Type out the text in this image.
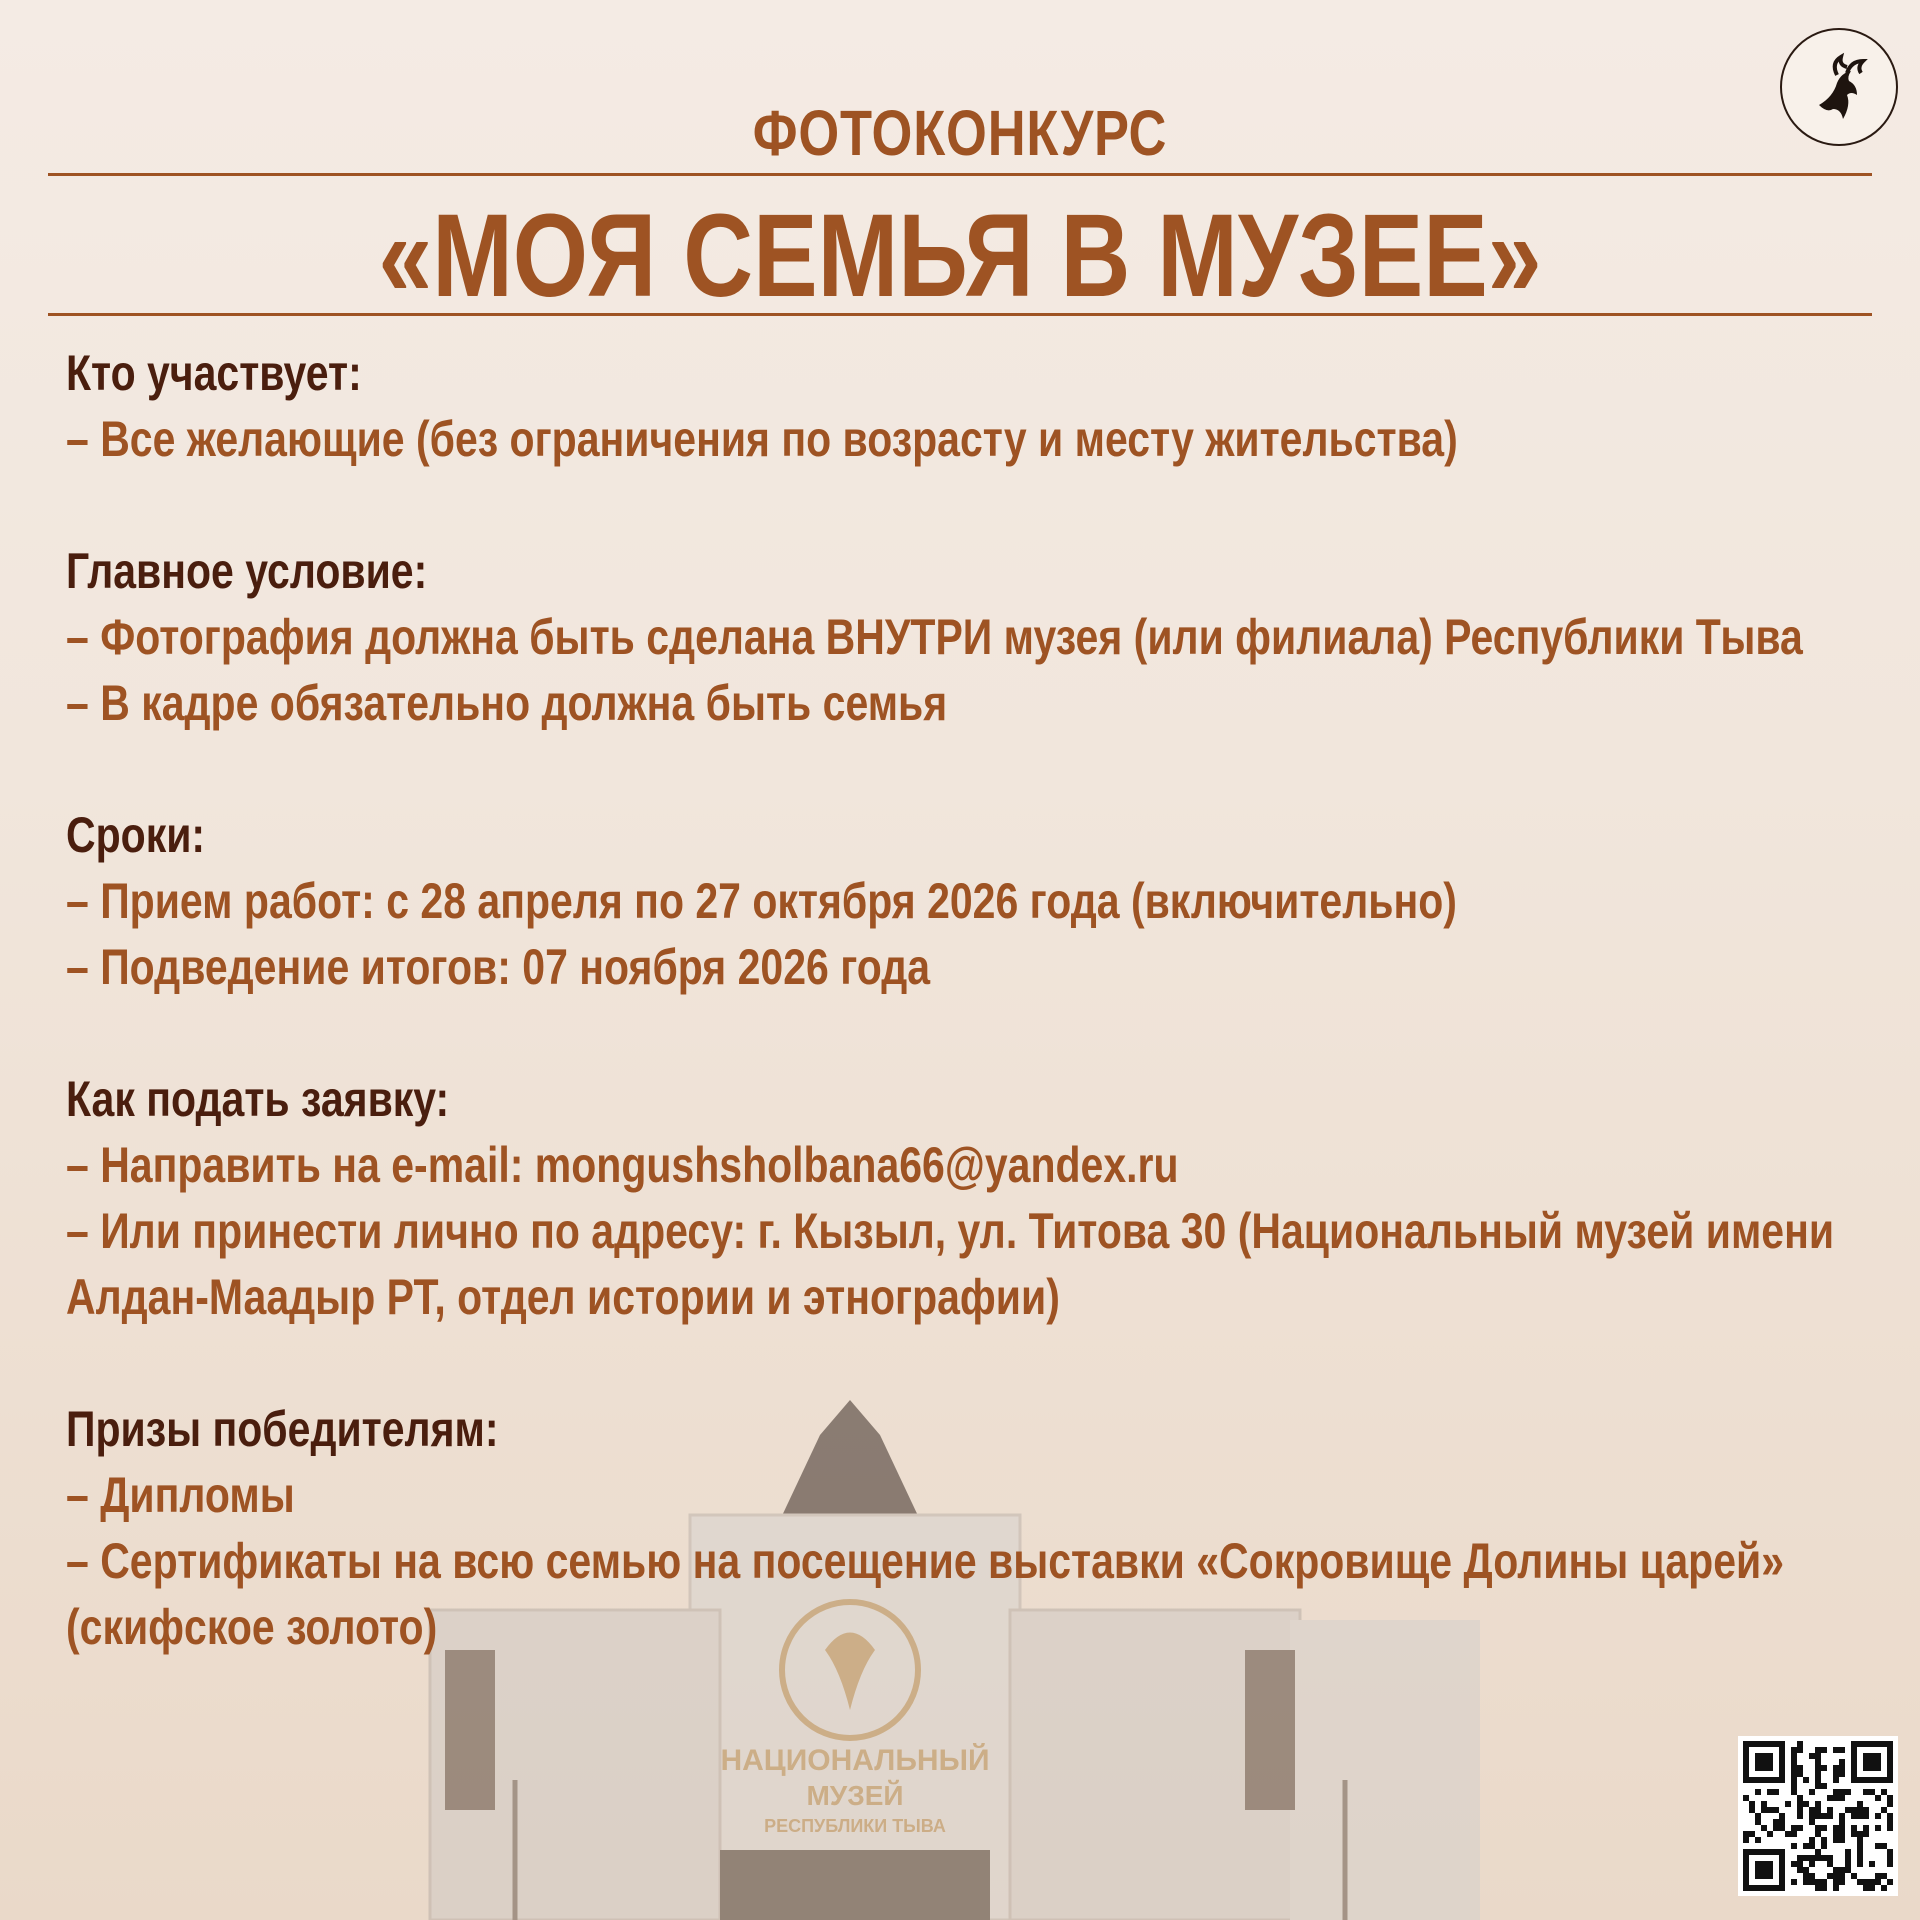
НАЦИОНАЛЬНЫЙ
МУЗЕЙ
РЕСПУБЛИКИ ТЫВА
ФОТОКОНКУРС
«МОЯ СЕМЬЯ В МУЗЕЕ»
Кто участвует:
– Все желающие (без ограничения по возрасту и месту жительства)
Главное условие:
– Фотография должна быть сделана ВНУТРИ музея (или филиала) Республики Тыва
– В кадре обязательно должна быть семья
Сроки:
– Прием работ: с 28 апреля по 27 октября 2026 года (включительно)
– Подведение итогов: 07 ноября 2026 года
Как подать заявку:
– Направить на e-mail: mongushsholbana66@yandex.ru
– Или принести лично по адресу: г. Кызыл, ул. Титова 30 (Национальный музей имени
Алдан-Маадыр РТ, отдел истории и этнографии)
Призы победителям:
– Дипломы
– Сертификаты на всю семью на посещение выставки «Сокровище Долины царей»
(скифское золото)
